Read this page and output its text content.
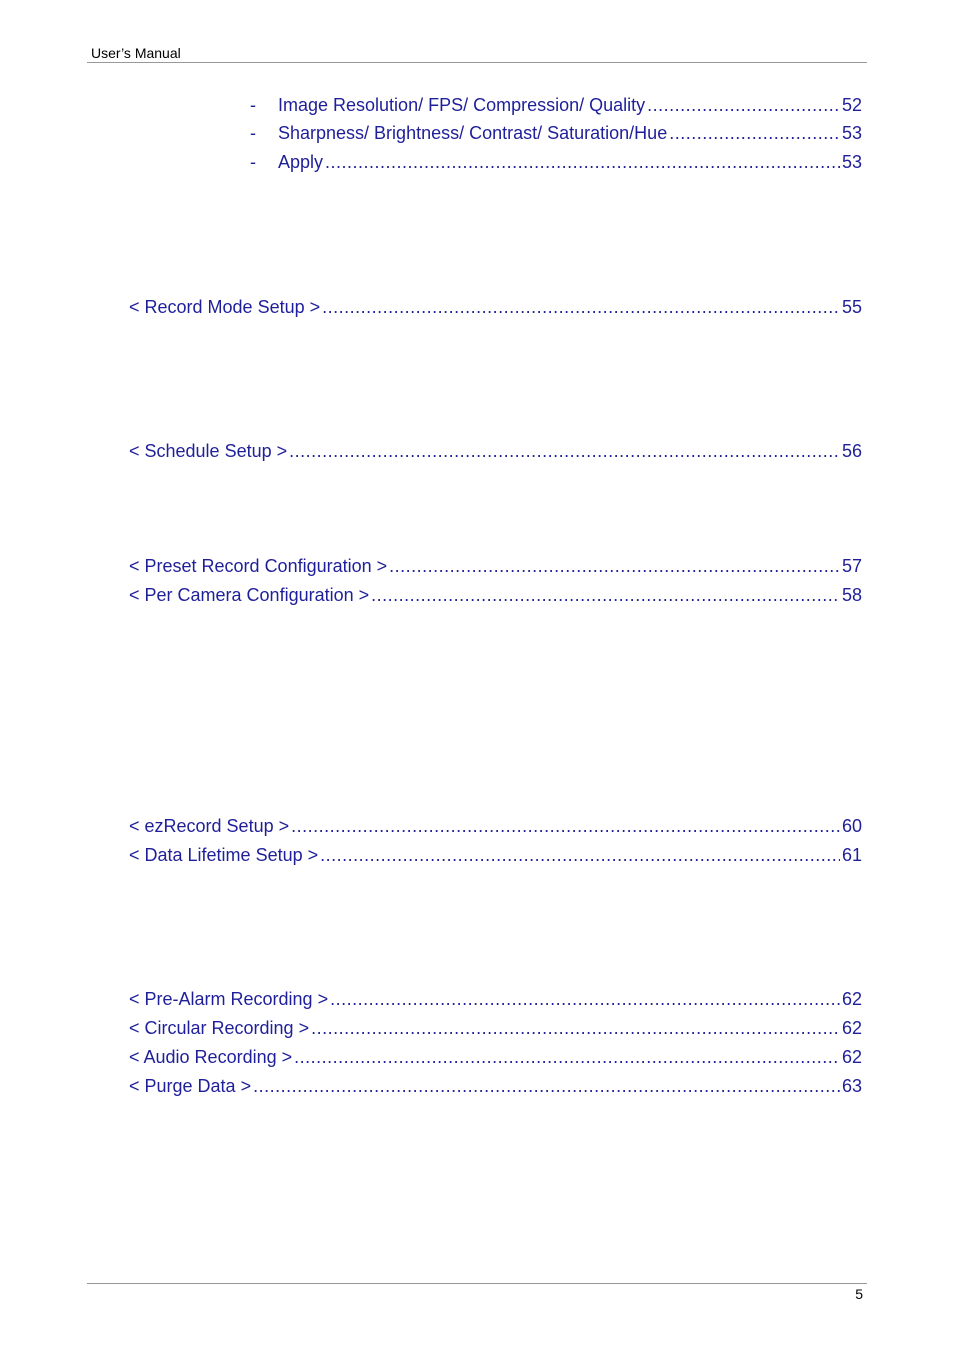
User’s Manual
-	Image Resolution/ FPS/ Compression/ Quality .....	52
-	Sharpness/ Brightness/ Contrast/ Saturation/Hue .....	53
-	Apply .....	53
< Record Mode Setup > .....	55
< Schedule Setup > .....	56
< Preset Record Configuration > .....	57
< Per Camera Configuration > .....	58
< ezRecord Setup > .....	60
< Data Lifetime Setup > .....	61
< Pre-Alarm Recording > .....	62
< Circular Recording > .....	62
< Audio Recording > .....	62
< Purge Data > .....	63
5
